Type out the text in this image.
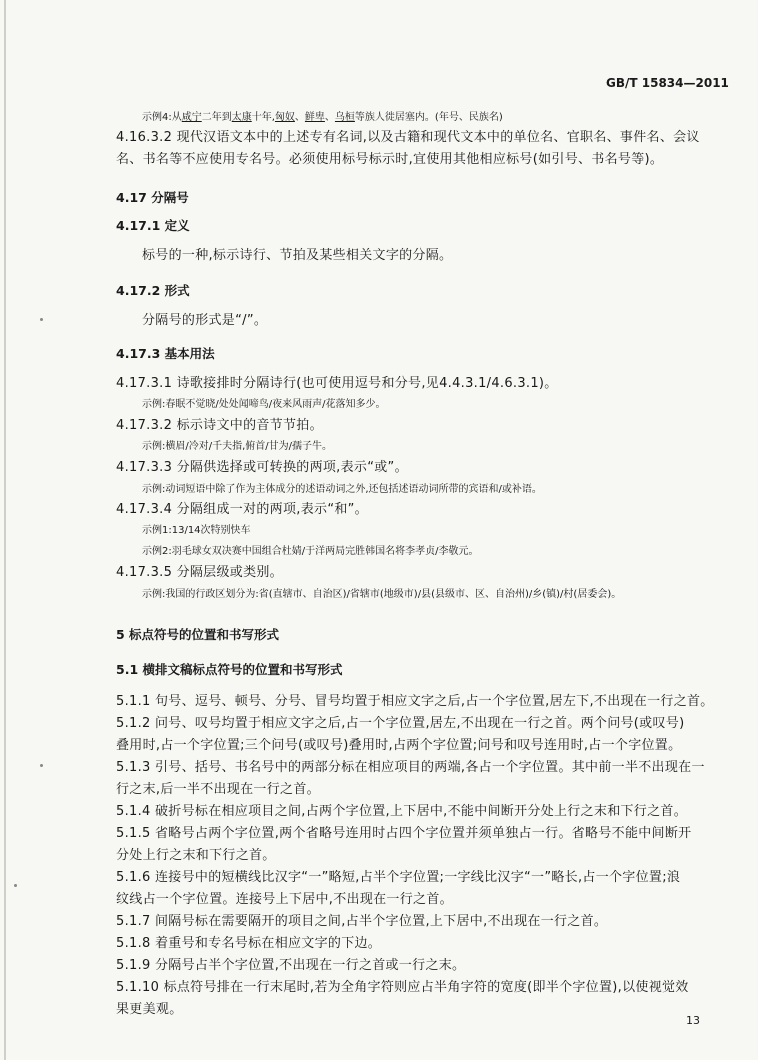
GB/T 15834—2011
示例4:从咸宁二年到太康十年,匈奴、鲜卑、乌桓等族人徙居塞内。(年号、民族名)
4.16.3.2 现代汉语文本中的上述专有名词,以及古籍和现代文本中的单位名、官职名、事件名、会议
名、书名等不应使用专名号。必须使用标号标示时,宜使用其他相应标号(如引号、书名号等)。
4.17 分隔号
4.17.1 定义
标号的一种,标示诗行、节拍及某些相关文字的分隔。
4.17.2 形式
分隔号的形式是“/”。
4.17.3 基本用法
4.17.3.1 诗歌接排时分隔诗行(也可使用逗号和分号,见4.4.3.1/4.6.3.1)。
示例:春眠不觉晓/处处闻啼鸟/夜来风雨声/花落知多少。
4.17.3.2 标示诗文中的音节节拍。
示例:横眉/冷对/千夫指,俯首/甘为/孺子牛。
4.17.3.3 分隔供选择或可转换的两项,表示“或”。
示例:动词短语中除了作为主体成分的述语动词之外,还包括述语动词所带的宾语和/或补语。
4.17.3.4 分隔组成一对的两项,表示“和”。
示例1:13/14次特别快车
示例2:羽毛球女双决赛中国组合杜婧/于洋两局完胜韩国名将李孝贞/李敬元。
4.17.3.5 分隔层级或类别。
示例:我国的行政区划分为:省(直辖市、自治区)/省辖市(地级市)/县(县级市、区、自治州)/乡(镇)/村(居委会)。
5 标点符号的位置和书写形式
5.1 横排文稿标点符号的位置和书写形式
5.1.1 句号、逗号、顿号、分号、冒号均置于相应文字之后,占一个字位置,居左下,不出现在一行之首。
5.1.2 问号、叹号均置于相应文字之后,占一个字位置,居左,不出现在一行之首。两个问号(或叹号)
叠用时,占一个字位置;三个问号(或叹号)叠用时,占两个字位置;问号和叹号连用时,占一个字位置。
5.1.3 引号、括号、书名号中的两部分标在相应项目的两端,各占一个字位置。其中前一半不出现在一
行之末,后一半不出现在一行之首。
5.1.4 破折号标在相应项目之间,占两个字位置,上下居中,不能中间断开分处上行之末和下行之首。
5.1.5 省略号占两个字位置,两个省略号连用时占四个字位置并须单独占一行。省略号不能中间断开
分处上行之末和下行之首。
5.1.6 连接号中的短横线比汉字“一”略短,占半个字位置;一字线比汉字“一”略长,占一个字位置;浪
纹线占一个字位置。连接号上下居中,不出现在一行之首。
5.1.7 间隔号标在需要隔开的项目之间,占半个字位置,上下居中,不出现在一行之首。
5.1.8 着重号和专名号标在相应文字的下边。
5.1.9 分隔号占半个字位置,不出现在一行之首或一行之末。
5.1.10 标点符号排在一行末尾时,若为全角字符则应占半角字符的宽度(即半个字位置),以使视觉效
果更美观。
13
